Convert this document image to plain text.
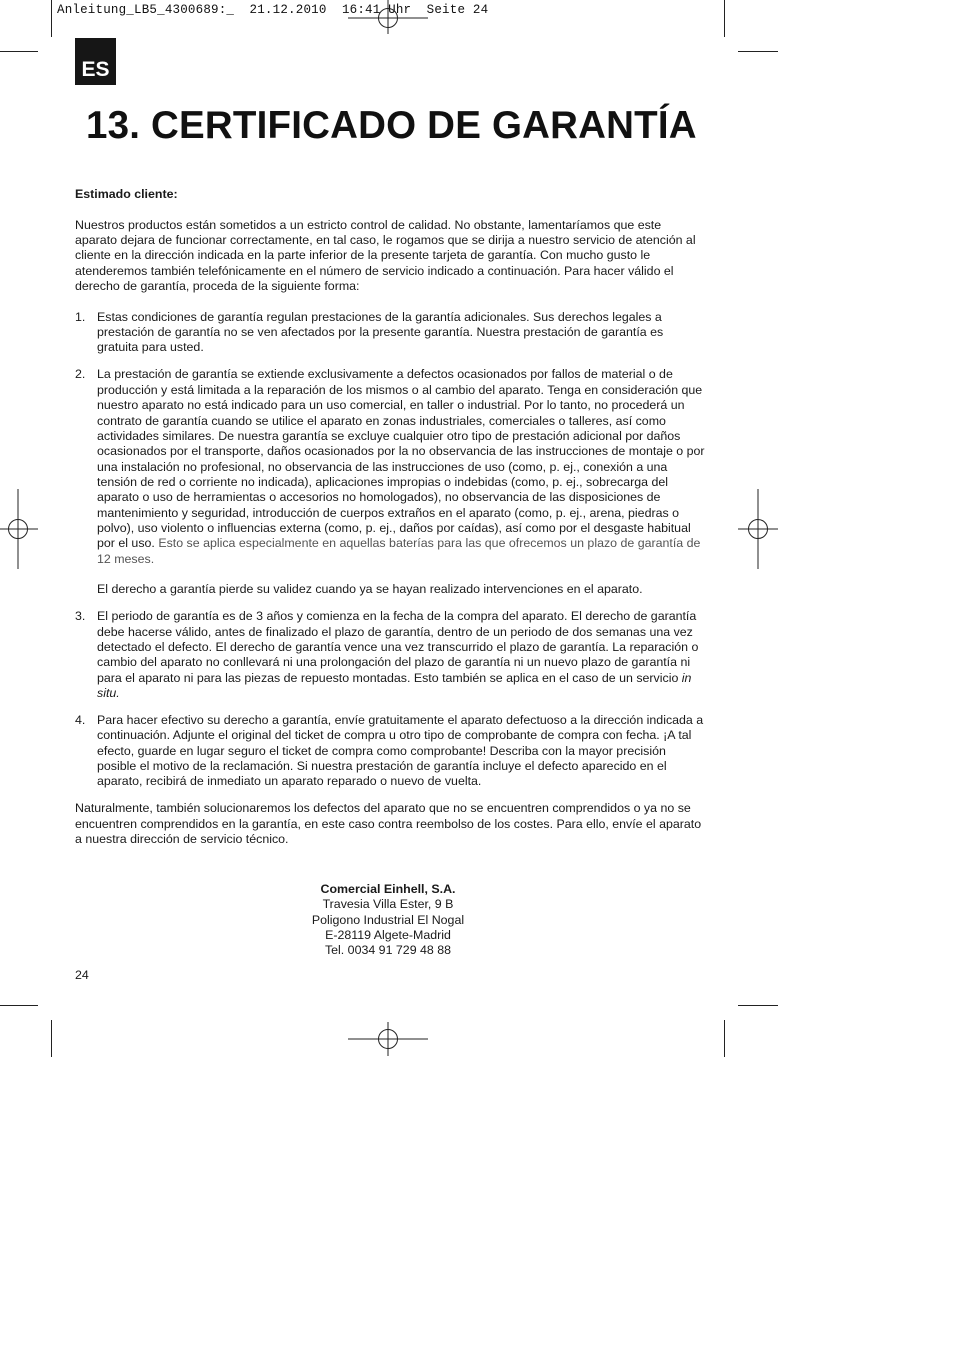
Anleitung_LB5_4300689:_  21.12.2010  16:41 Uhr  Seite 24
ES
13. CERTIFICADO DE GARANTÍA

Estimado cliente:

Nuestros productos están sometidos a un estricto control de calidad. No obstante, lamentaríamos que este aparato dejara de funcionar correctamente, en tal caso, le rogamos que se dirija a nuestro servicio de atención al cliente en la dirección indicada en la parte inferior de la presente tarjeta de garantía. Con mucho gusto le atenderemos también telefónicamente en el número de servicio indicado a continuación. Para hacer válido el derecho de garantía, proceda de la siguiente forma:

1. Estas condiciones de garantía regulan prestaciones de la garantía adicionales. Sus derechos legales a prestación de garantía no se ven afectados por la presente garantía. Nuestra prestación de garantía es gratuita para usted.

2. La prestación de garantía se extiende exclusivamente a defectos ocasionados por fallos de material o de producción y está limitada a la reparación de los mismos o al cambio del aparato. Tenga en consideración que nuestro aparato no está indicado para un uso comercial, en taller o industrial. Por lo tanto, no procederá un contrato de garantía cuando se utilice el aparato en zonas industriales, comerciales o talleres, así como actividades similares. De nuestra garantía se excluye cualquier otro tipo de prestación adicional por daños ocasionados por el transporte, daños ocasionados por la no observancia de las instrucciones de montaje o por una instalación no profesional, no observancia de las instrucciones de uso (como, p. ej., conexión a una tensión de red o corriente no indicada), aplicaciones impropias o indebidas (como, p. ej., sobrecarga del aparato o uso de herramientas o accesorios no homologados), no observancia de las disposiciones de mantenimiento y seguridad, introducción de cuerpos extraños en el aparato (como, p. ej., arena, piedras o polvo), uso violento o influencias externa (como, p. ej., daños por caídas), así como por el desgaste habitual por el uso. Esto se aplica especialmente en aquellas baterías para las que ofrecemos un plazo de garantía de 12 meses.

El derecho a garantía pierde su validez cuando ya se hayan realizado intervenciones en el aparato.

3. El periodo de garantía es de 3 años y comienza en la fecha de la compra del aparato. El derecho de garantía debe hacerse válido, antes de finalizado el plazo de garantía, dentro de un periodo de dos semanas una vez detectado el defecto. El derecho de garantía vence una vez transcurrido el plazo de garantía. La reparación o cambio del aparato no conllevará ni una prolongación del plazo de garantía ni un nuevo plazo de garantía ni para el aparato ni para las piezas de repuesto montadas. Esto también se aplica en el caso de un servicio in situ.

4. Para hacer efectivo su derecho a garantía, envíe gratuitamente el aparato defectuoso a la dirección indicada a continuación. Adjunte el original del ticket de compra u otro tipo de comprobante de compra con fecha. ¡A tal efecto, guarde en lugar seguro el ticket de compra como comprobante! Describa con la mayor precisión posible el motivo de la reclamación. Si nuestra prestación de garantía incluye el defecto aparecido en el aparato, recibirá de inmediato un aparato reparado o nuevo de vuelta.

Naturalmente, también solucionaremos los defectos del aparato que no se encuentren comprendidos o ya no se encuentren comprendidos en la garantía, en este caso contra reembolso de los costes. Para ello, envíe el aparato a nuestra dirección de servicio técnico.

Comercial Einhell, S.A.
Travesia Villa Ester, 9 B
Poligono Industrial El Nogal
E-28119 Algete-Madrid
Tel. 0034 91 729 48 88
24
